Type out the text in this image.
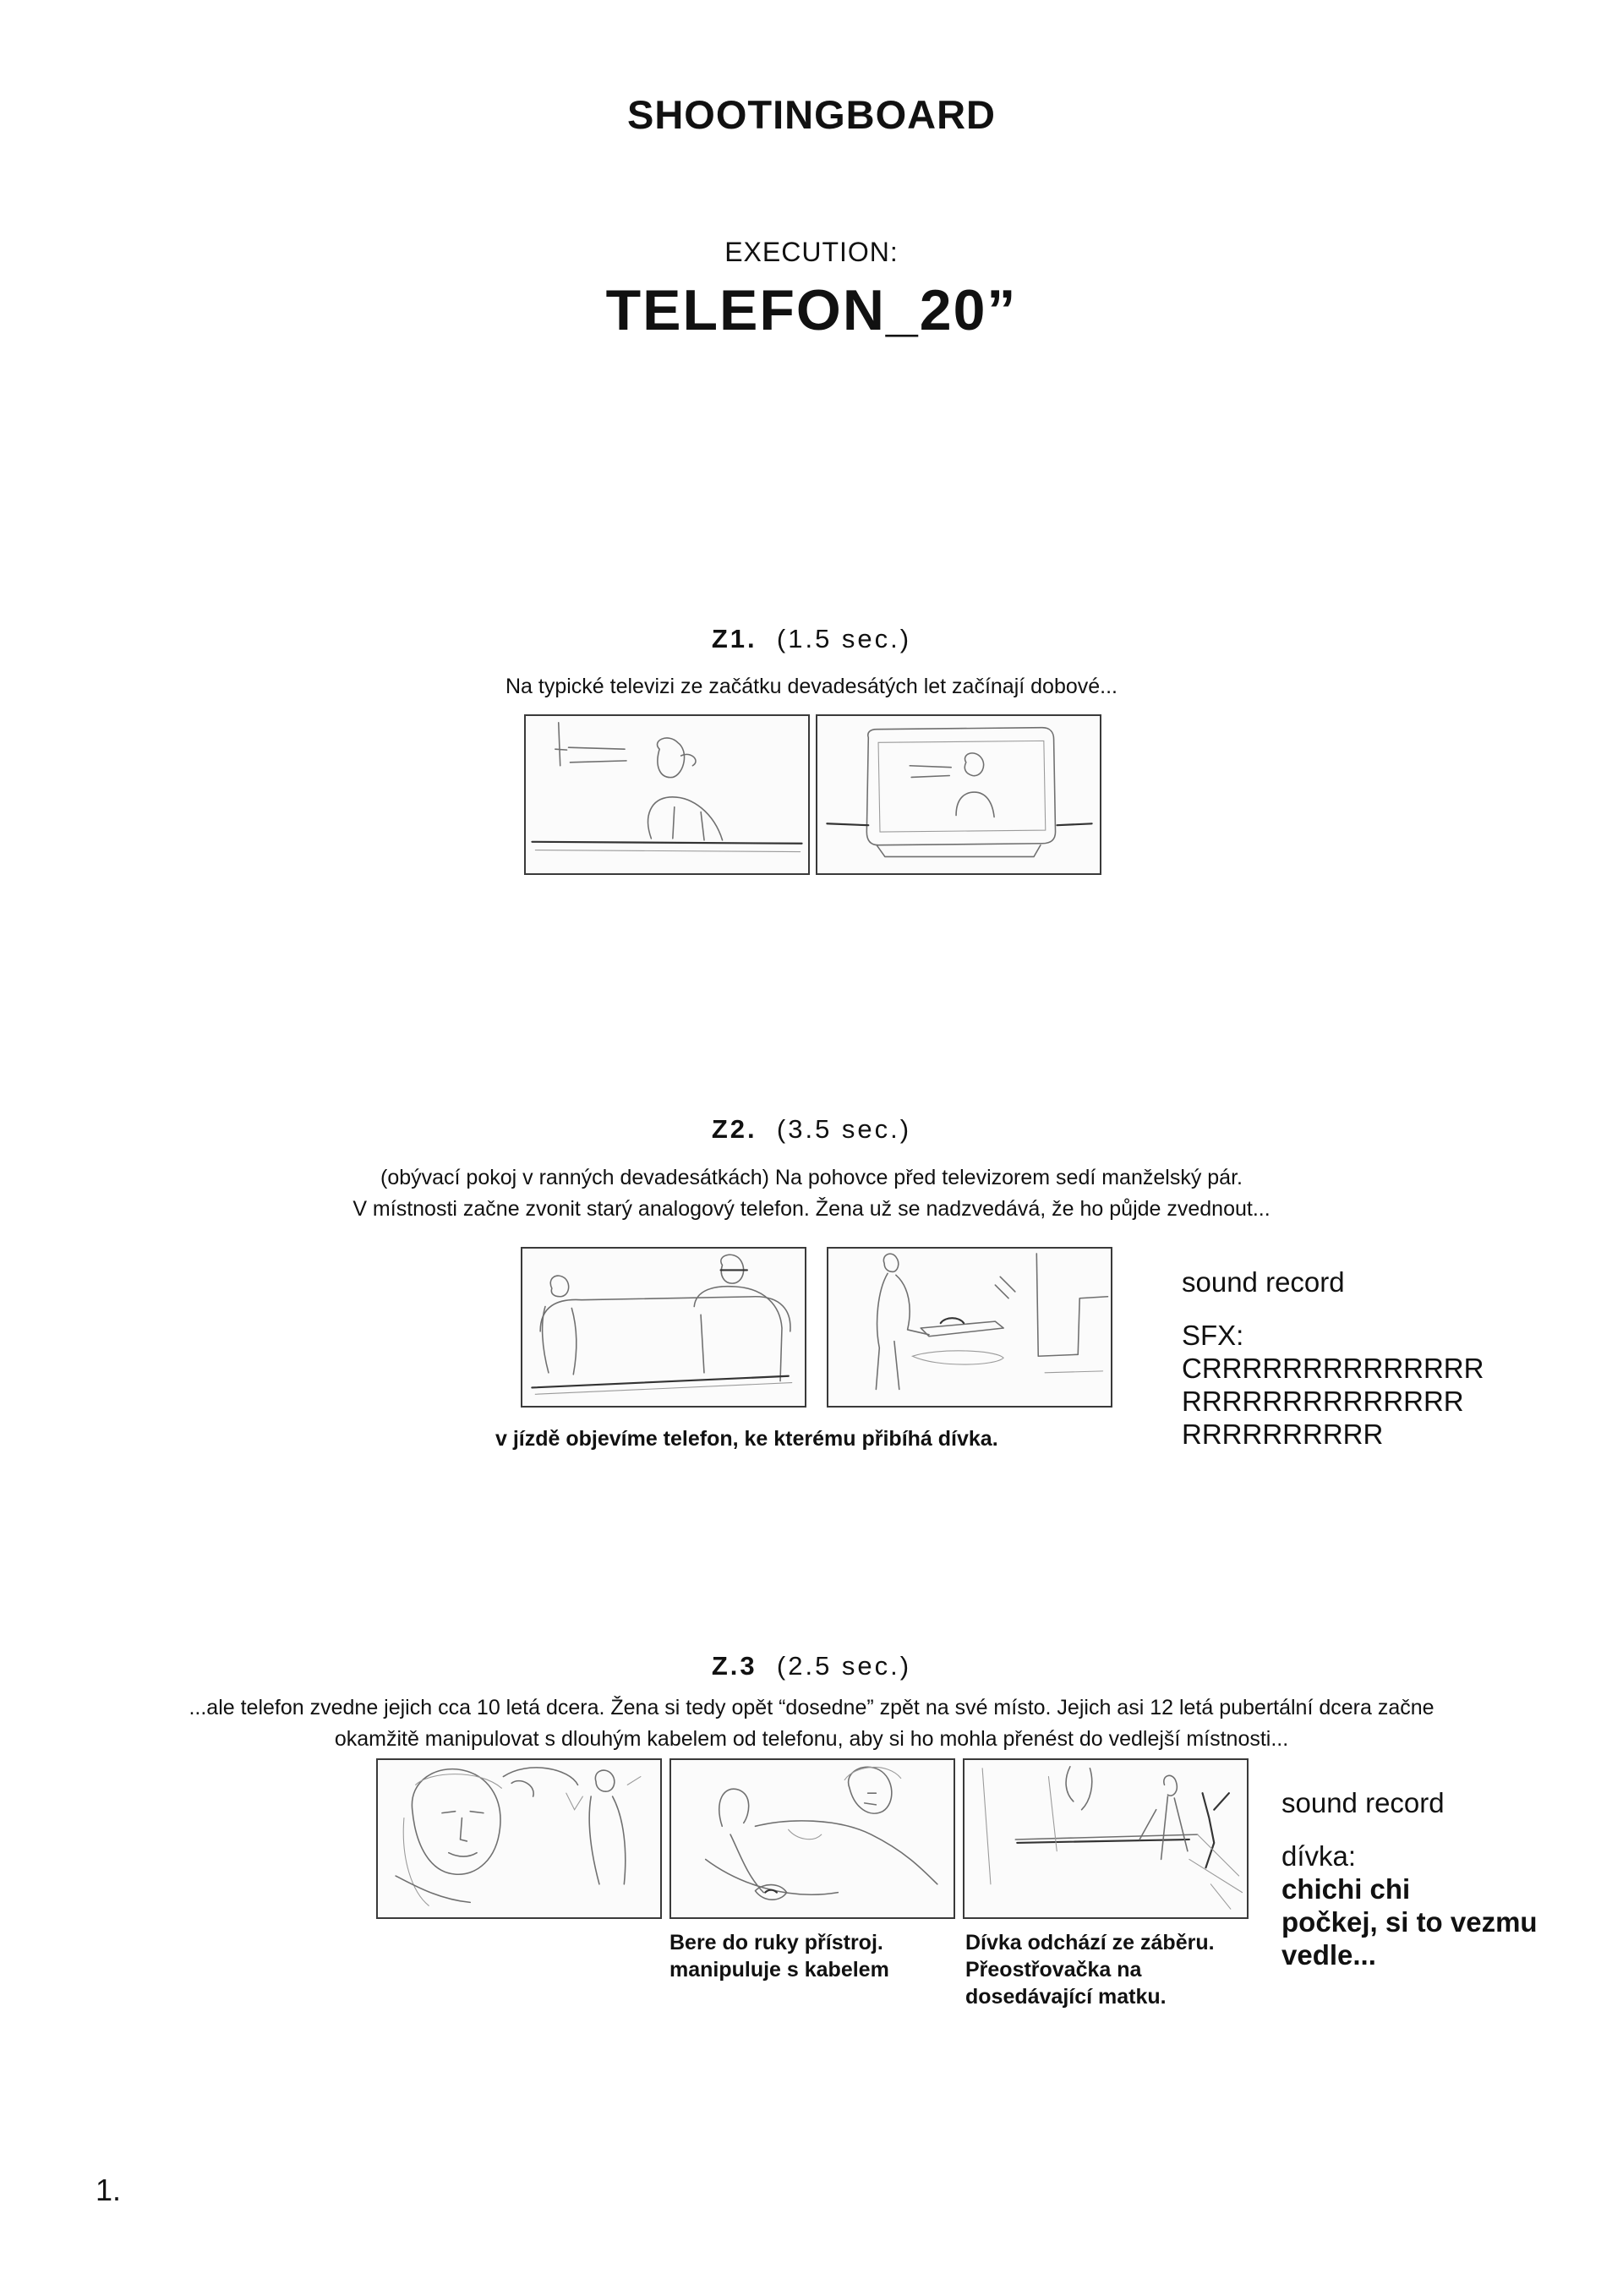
SHOOTINGBOARD
EXECUTION:
TELEFON_20”
Z1. (1.5 sec.)
Na typické televizi ze začátku devadesátých let začínají dobové...
Z2. (3.5 sec.)
(obývací pokoj v ranných devadesátkách) Na pohovce před televizorem sedí manželský pár.
V místnosti začne zvonit starý analogový telefon. Žena už se nadzvedává, že ho půjde zvednout...
v jízdě objevíme telefon, ke kterému přibíhá dívka.
sound record
SFX:
CRRRRRRRRRRRRRR
RRRRRRRRRRRRRR
RRRRRRRRRR
Z.3 (2.5 sec.)
...ale telefon zvedne jejich cca 10 letá dcera. Žena si tedy opět “dosedne” zpět na své místo. Jejich asi 12 letá pubertální dcera začne
okamžitě manipulovat s dlouhým kabelem od telefonu, aby si ho mohla přenést do vedlejší místnosti...
Bere do ruky přístroj.
manipuluje s kabelem
Dívka odchází ze záběru.
Přeostřovačka na
dosedávající matku.
sound record
dívka:
chichi chi
počkej, si to vezmu
vedle...
1.
